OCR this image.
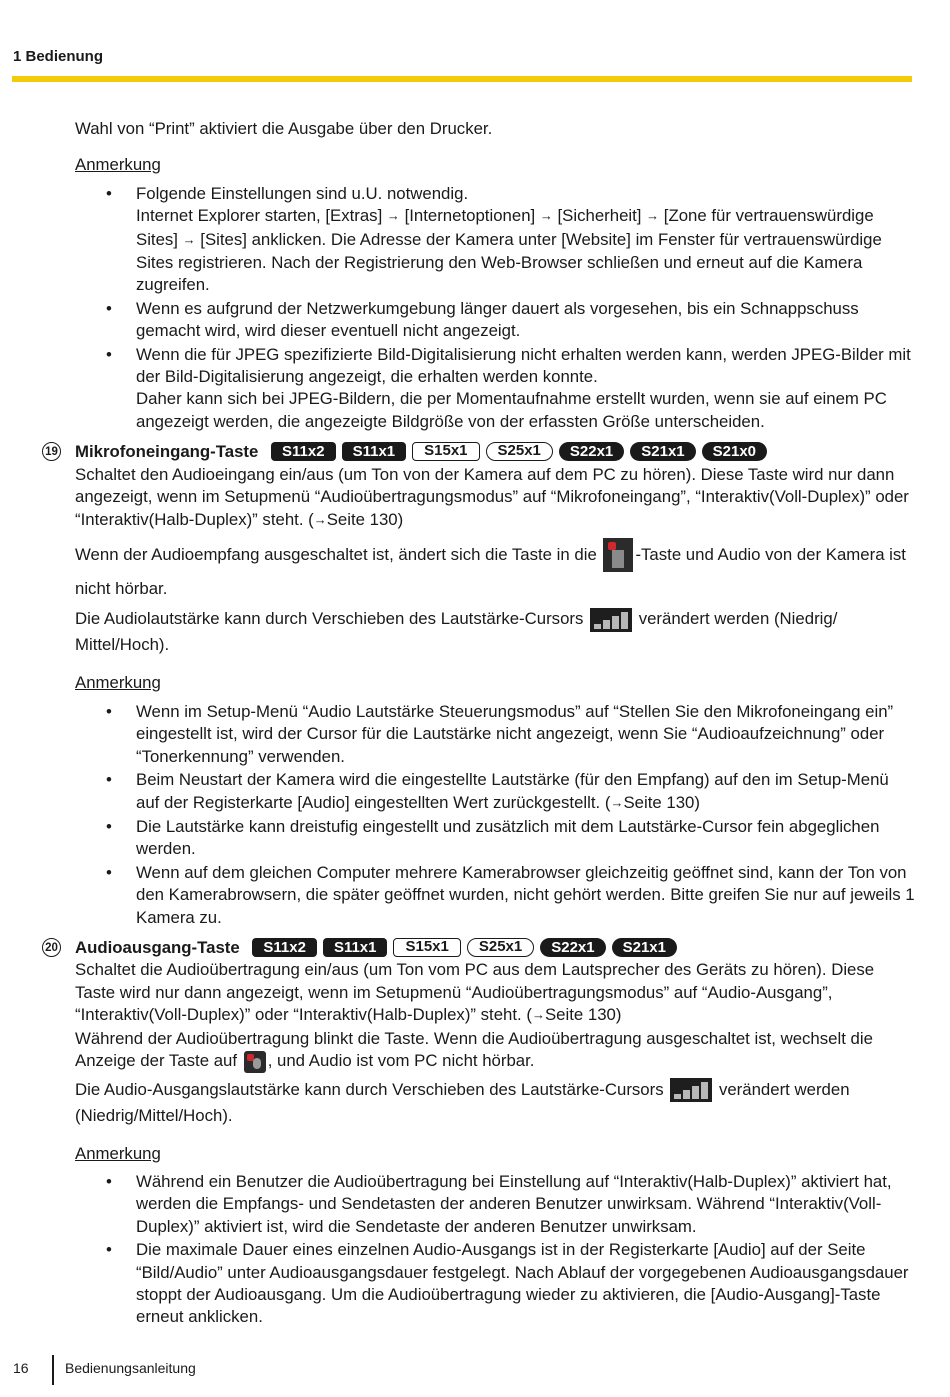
1 Bedienung

Wahl von “Print” aktiviert die Ausgabe über den Drucker.

Anmerkung
• Folgende Einstellungen sind u.U. notwendig.
Internet Explorer starten, [Extras] → [Internetoptionen] → [Sicherheit] → [Zone für vertrauenswürdige Sites] → [Sites] anklicken. Die Adresse der Kamera unter [Website] im Fenster für vertrauenswürdige Sites registrieren. Nach der Registrierung den Web-Browser schließen und erneut auf die Kamera zugreifen.
• Wenn es aufgrund der Netzwerkumgebung länger dauert als vorgesehen, bis ein Schnappschuss gemacht wird, wird dieser eventuell nicht angezeigt.
• Wenn die für JPEG spezifizierte Bild-Digitalisierung nicht erhalten werden kann, werden JPEG-Bilder mit der Bild-Digitalisierung angezeigt, die erhalten werden konnte.
Daher kann sich bei JPEG-Bildern, die per Momentaufnahme erstellt wurden, wenn sie auf einem PC angezeigt werden, die angezeigte Bildgröße von der erfassten Größe unterscheiden.
19 Mikrofoneingang-Taste	S11x2	S11x1	S15x1	S25x1	S22x1	S21x1	S21x0

Schaltet den Audioeingang ein/aus (um Ton von der Kamera auf dem PC zu hören). Diese Taste wird nur dann angezeigt, wenn im Setupmenü “Audioübertragungsmodus” auf “Mikrofoneingang”, “Interaktiv(Voll-Duplex)” oder “Interaktiv(Halb-Duplex)” steht. (→Seite 130)

Wenn der Audioempfang ausgeschaltet ist, ändert sich die Taste in die
-Taste und Audio von der Kamera ist nicht hörbar.

Die Audiolautstärke kann durch Verschieben des Lautstärke-Cursors	verändert werden (Niedrig/ Mittel/Hoch).

Anmerkung
• Wenn im Setup-Menü “Audio Lautstärke Steuerungsmodus” auf “Stellen Sie den Mikrofoneingang ein” eingestellt ist, wird der Cursor für die Lautstärke nicht angezeigt, wenn Sie “Audioaufzeichnung” oder “Tonerkennung” verwenden.
• Beim Neustart der Kamera wird die eingestellte Lautstärke (für den Empfang) auf den im Setup-Menü auf der Registerkarte [Audio] eingestellten Wert zurückgestellt. (→Seite 130)
• Die Lautstärke kann dreistufig eingestellt und zusätzlich mit dem Lautstärke-Cursor fein abgeglichen werden.
• Wenn auf dem gleichen Computer mehrere Kamerabrowser gleichzeitig geöffnet sind, kann der Ton von den Kamerabrowsern, die später geöffnet wurden, nicht gehört werden. Bitte greifen Sie nur auf jeweils 1 Kamera zu.
20 Audioausgang-Taste	S11x2	S11x1	S15x1	S25x1	S22x1	S21x1

Schaltet die Audioübertragung ein/aus (um Ton vom PC aus dem Lautsprecher des Geräts zu hören). Diese Taste wird nur dann angezeigt, wenn im Setupmenü “Audioübertragungsmodus” auf “Audio-Ausgang”, “Interaktiv(Voll-Duplex)” oder “Interaktiv(Halb-Duplex)” steht. (→Seite 130)
Während der Audioübertragung blinkt die Taste. Wenn die Audioübertragung ausgeschaltet ist, wechselt die Anzeige der Taste auf
, und Audio ist vom PC nicht hörbar.

Die Audio-Ausgangslautstärke kann durch Verschieben des Lautstärke-Cursors	verändert werden (Niedrig/Mittel/Hoch).

Anmerkung
• Während ein Benutzer die Audioübertragung bei Einstellung auf “Interaktiv(Halb-Duplex)” aktiviert hat, werden die Empfangs- und Sendetasten der anderen Benutzer unwirksam. Während “Interaktiv(Voll-Duplex)” aktiviert ist, wird die Sendetaste der anderen Benutzer unwirksam.
• Die maximale Dauer eines einzelnen Audio-Ausgangs ist in der Registerkarte [Audio] auf der Seite “Bild/Audio” unter Audioausgangsdauer festgelegt. Nach Ablauf der vorgegebenen Audioausgangsdauer stoppt der Audioausgang. Um die Audioübertragung wieder zu aktivieren, die [Audio-Ausgang]-Taste erneut anklicken.
16	Bedienungsanleitung
